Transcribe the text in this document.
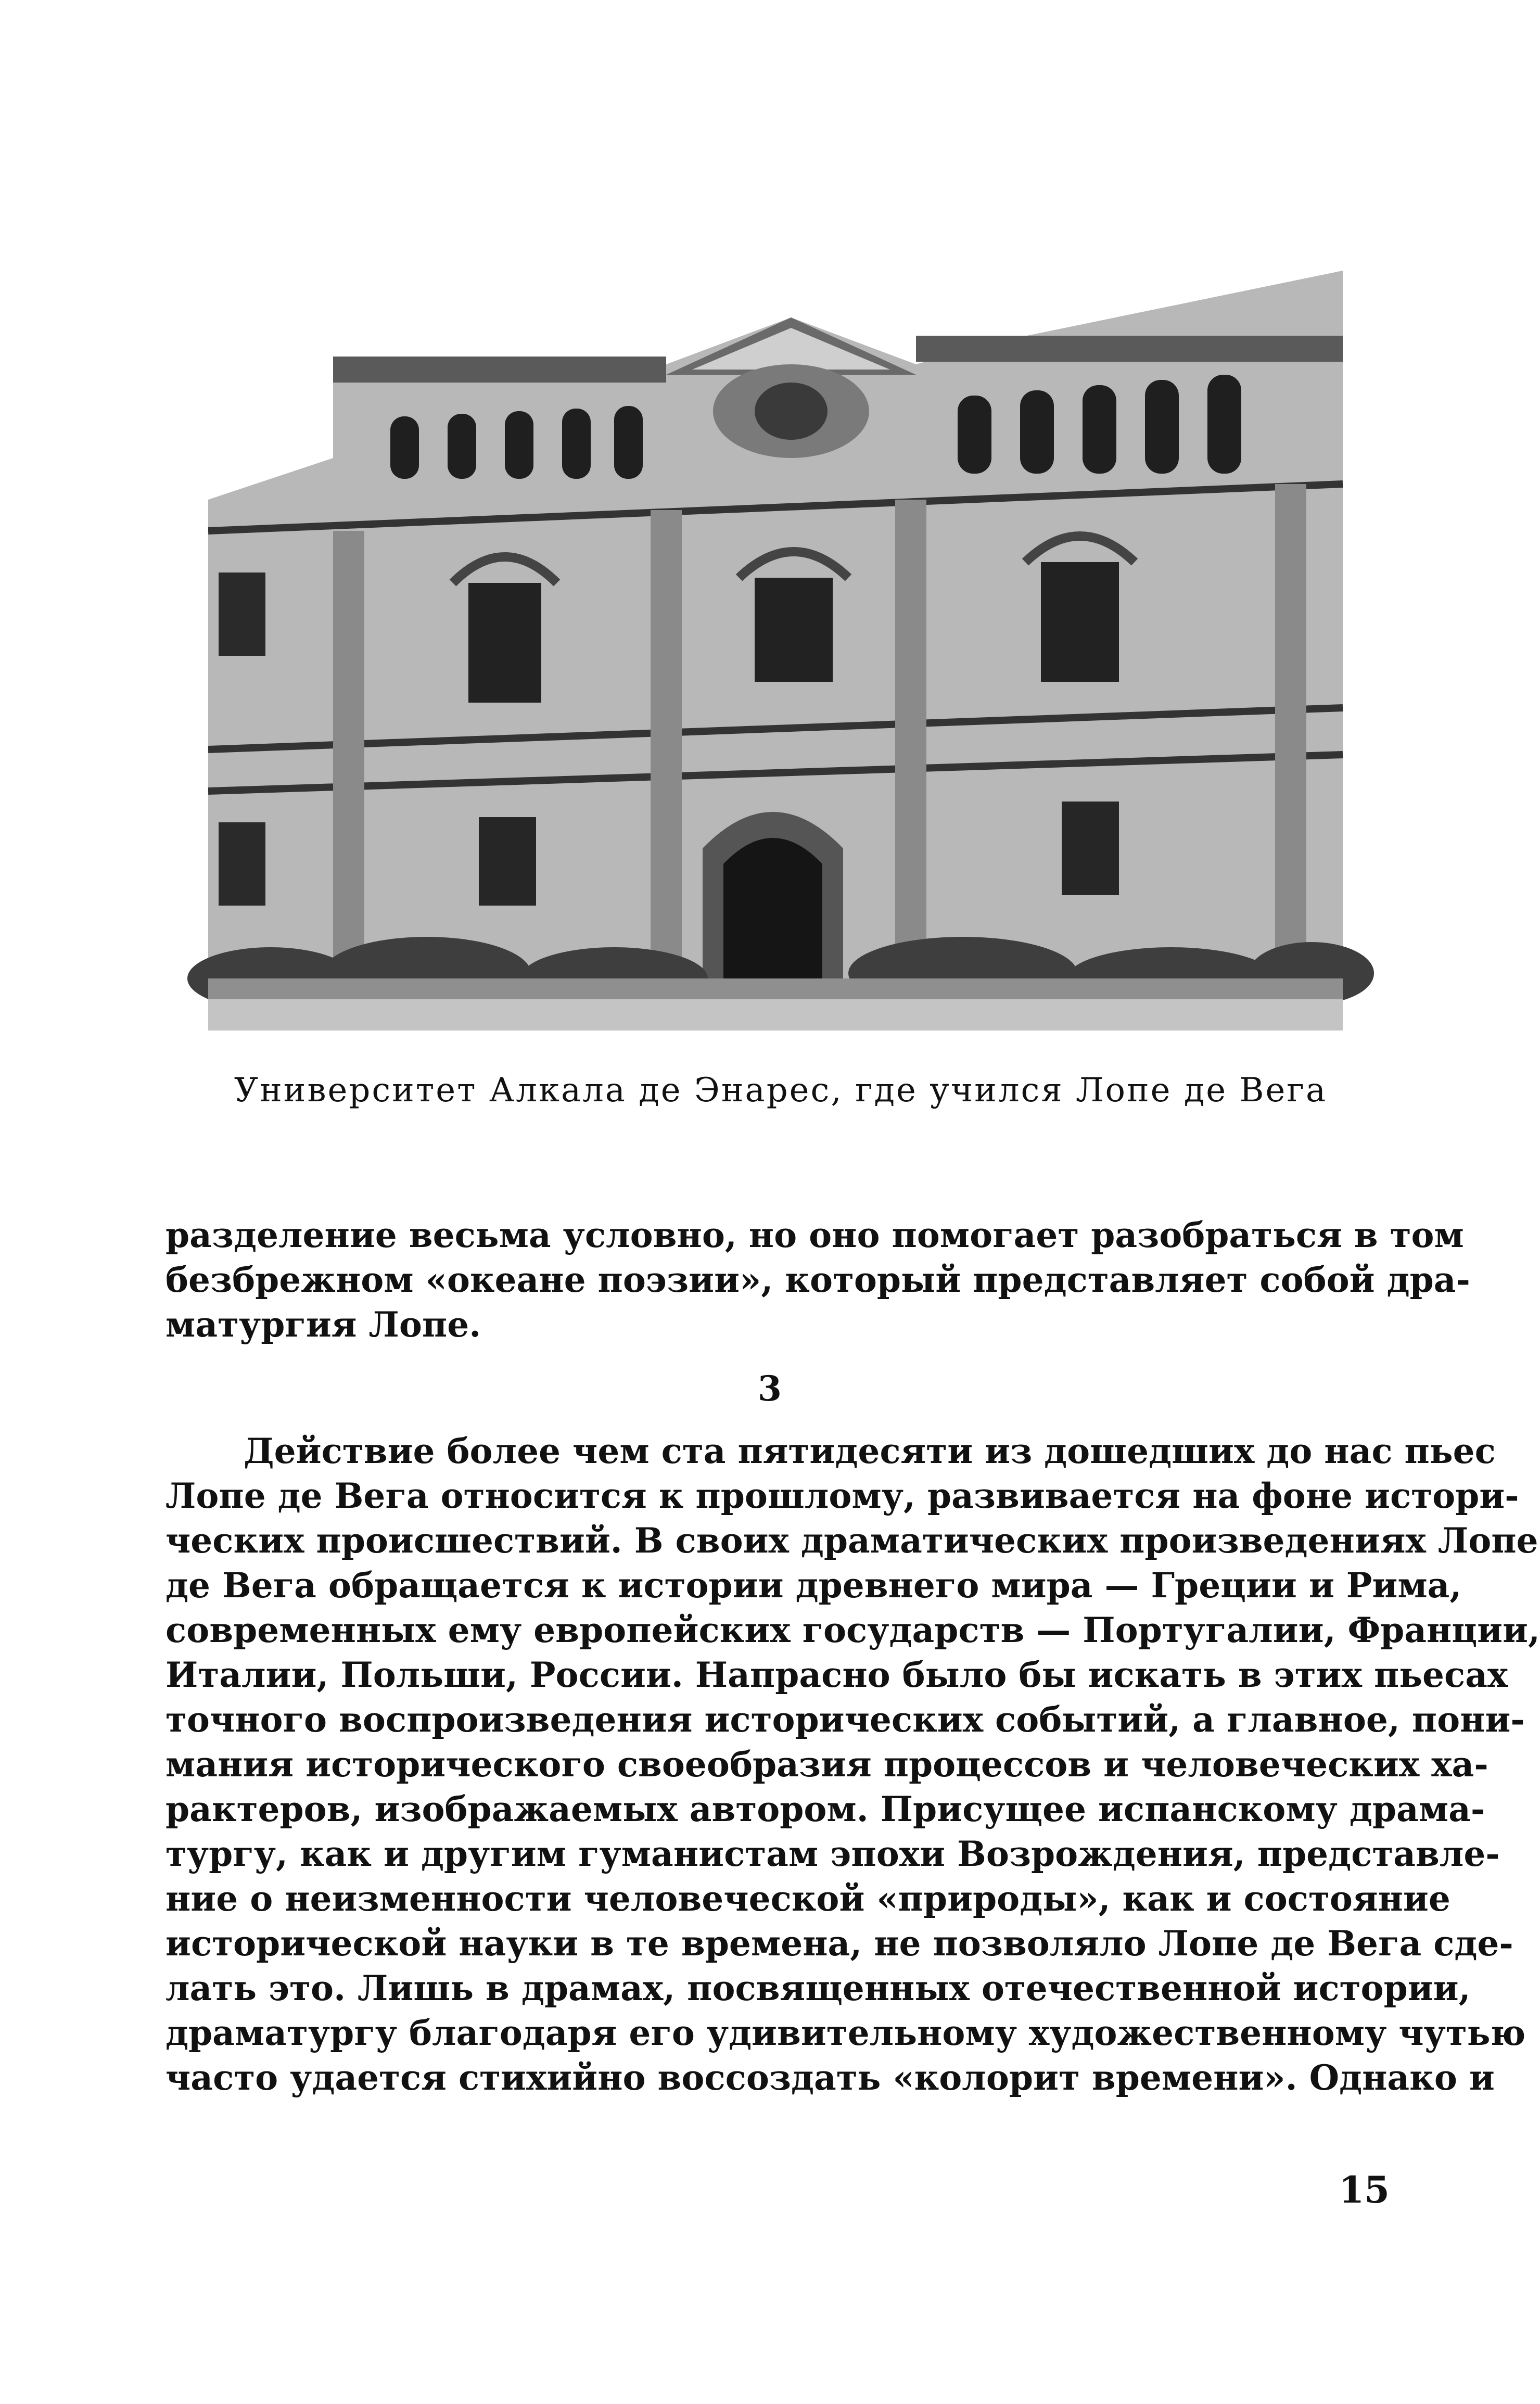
Университет Алкала де Энарес, где учился Лопе де Вега
разделение весьма условно, но оно помогает разобраться в том
безбрежном «океане поэзии», который представляет собой дра-
матургия Лопе.
3
Действие более чем ста пятидесяти из дошедших до нас пьес
Лопе де Вега относится к прошлому, развивается на фоне истори-
ческих происшествий. В своих драматических произведениях Лопе
де Вега обращается к истории древнего мира — Греции и Рима,
современных ему европейских государств — Португалии, Франции,
Италии, Польши, России. Напрасно было бы искать в этих пьесах
точного воспроизведения исторических событий, а главное, пони-
мания исторического своеобразия процессов и человеческих ха-
рактеров, изображаемых автором. Присущее испанскому драма-
тургу, как и другим гуманистам эпохи Возрождения, представле-
ние о неизменности человеческой «природы», как и состояние
исторической науки в те времена, не позволяло Лопе де Вега сде-
лать это. Лишь в драмах, посвященных отечественной истории,
драматургу благодаря его удивительному художественному чутью
часто удается стихийно воссоздать «колорит времени». Однако и
15
